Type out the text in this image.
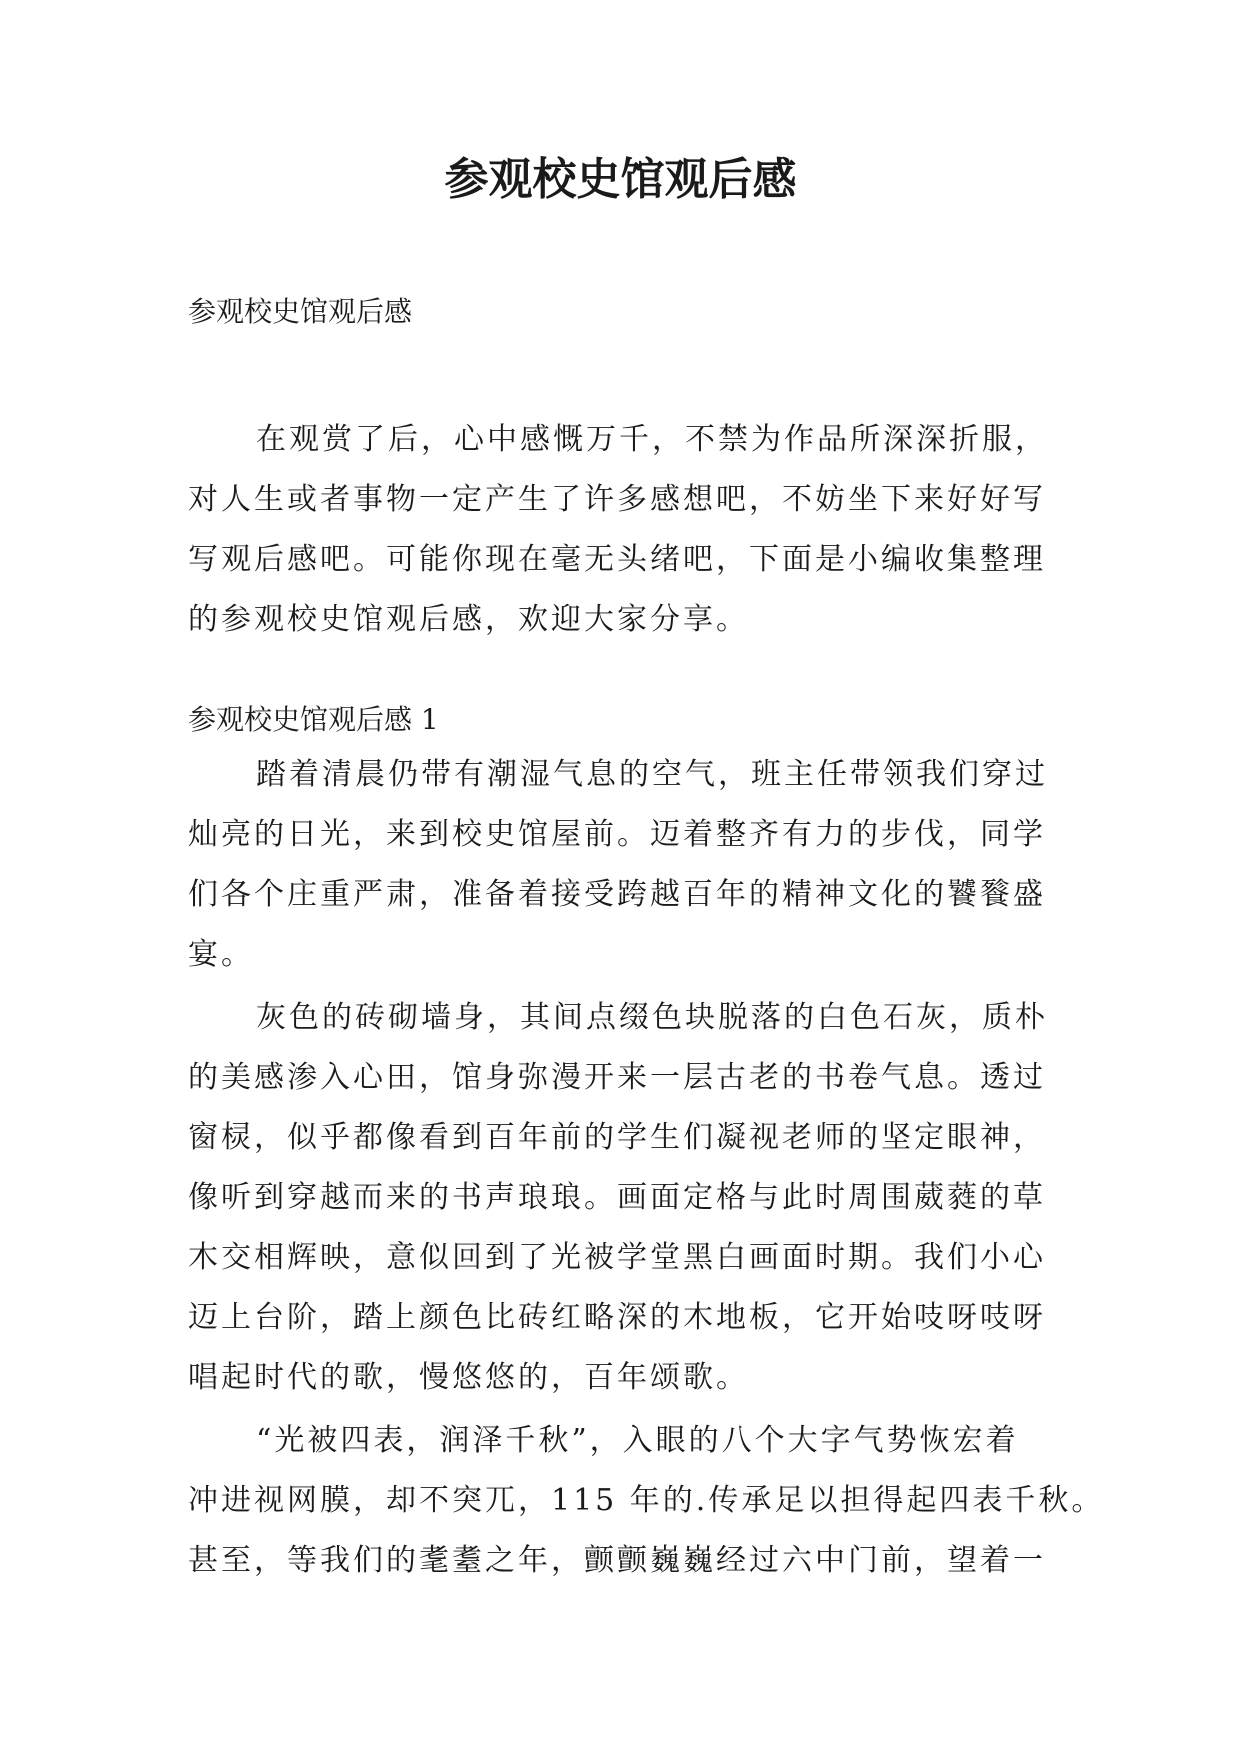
参观校史馆观后感

参观校史馆观后感

在观赏了后，心中感慨万千，不禁为作品所深深折服，
对人生或者事物一定产生了许多感想吧，不妨坐下来好好写
写观后感吧。可能你现在毫无头绪吧，下面是小编收集整理
的参观校史馆观后感，欢迎大家分享。

参观校史馆观后感 1

踏着清晨仍带有潮湿气息的空气，班主任带领我们穿过
灿亮的日光，来到校史馆屋前。迈着整齐有力的步伐，同学
们各个庄重严肃，准备着接受跨越百年的精神文化的饕餮盛
宴。

灰色的砖砌墙身，其间点缀色块脱落的白色石灰，质朴
的美感渗入心田，馆身弥漫开来一层古老的书卷气息。透过
窗棂，似乎都像看到百年前的学生们凝视老师的坚定眼神，
像听到穿越而来的书声琅琅。画面定格与此时周围葳蕤的草
木交相辉映，意似回到了光被学堂黑白画面时期。我们小心
迈上台阶，踏上颜色比砖红略深的木地板，它开始吱呀吱呀
唱起时代的歌，慢悠悠的，百年颂歌。

“光被四表，润泽千秋”，入眼的八个大字气势恢宏着
冲进视网膜，却不突兀，115 年的.传承足以担得起四表千秋。
甚至，等我们的耄耋之年，颤颤巍巍经过六中门前，望着一
